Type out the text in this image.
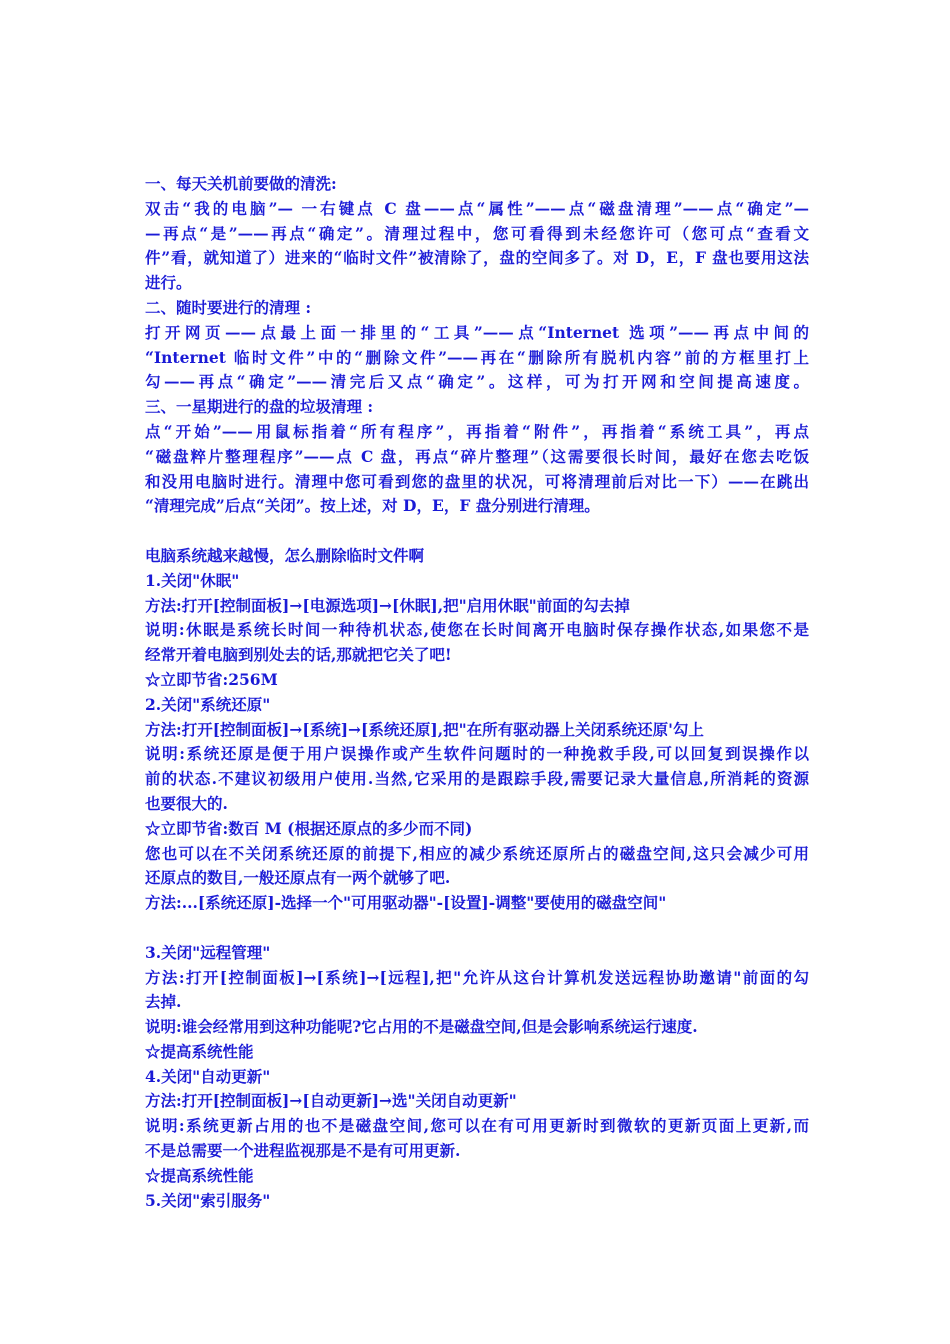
一、每天关机前要做的清洗:
双击“我的电脑”— 一右键点 C 盘——点“属性”——点“磁盘清理”——点“确定”—
—再点“是”——再点“确定”。清理过程中，您可看得到未经您许可（您可点“查看文
件”看，就知道了）进来的“临时文件”被清除了，盘的空间多了。对 D，E，F 盘也要用这法
进行。
二、随时要进行的清理 :
打开网页——点最上面一排里的“工具”——点“Internet 选项”——再点中间的
“Internet 临时文件”中的“删除文件”——再在“删除所有脱机内容”前的方框里打上
勾——再点“确定”——清完后又点“确定”。这样，可为打开网和空间提高速度。
三、一星期进行的盘的垃圾清理 :
点“开始”——用鼠标指着“所有程序”，再指着“附件”，再指着“系统工具”，再点
“磁盘粹片整理程序”——点 C 盘，再点“碎片整理”（这需要很长时间，最好在您去吃饭
和没用电脑时进行。清理中您可看到您的盘里的状况，可将清理前后对比一下）——在跳出
“清理完成”后点“关闭”。按上述，对 D，E，F 盘分别进行清理。
电脑系统越来越慢，怎么删除临时文件啊
1.关闭"休眠"
方法:打开[控制面板]→[电源选项]→[休眠],把"启用休眠"前面的勾去掉
说明:休眠是系统长时间一种待机状态,使您在长时间离开电脑时保存操作状态,如果您不是
经常开着电脑到别处去的话,那就把它关了吧!
☆立即节省:256M
2.关闭"系统还原"
方法:打开[控制面板]→[系统]→[系统还原],把"在所有驱动器上关闭系统还原'勾上
说明:系统还原是便于用户误操作或产生软件问题时的一种挽救手段,可以回复到误操作以
前的状态.不建议初级用户使用.当然,它采用的是跟踪手段,需要记录大量信息,所消耗的资源
也要很大的.
☆立即节省:数百 M (根据还原点的多少而不同)
您也可以在不关闭系统还原的前提下,相应的减少系统还原所占的磁盘空间,这只会减少可用
还原点的数目,一般还原点有一两个就够了吧.
方法:...[系统还原]-选择一个"可用驱动器"-[设置]-调整"要使用的磁盘空间"
3.关闭"远程管理"
方法:打开[控制面板]→[系统]→[远程],把"允许从这台计算机发送远程协助邀请"前面的勾
去掉.
说明:谁会经常用到这种功能呢?它占用的不是磁盘空间,但是会影响系统运行速度.
☆提高系统性能
4.关闭"自动更新"
方法:打开[控制面板]→[自动更新]→选"关闭自动更新"
说明:系统更新占用的也不是磁盘空间,您可以在有可用更新时到微软的更新页面上更新,而
不是总需要一个进程监视那是不是有可用更新.
☆提高系统性能
5.关闭"索引服务"
